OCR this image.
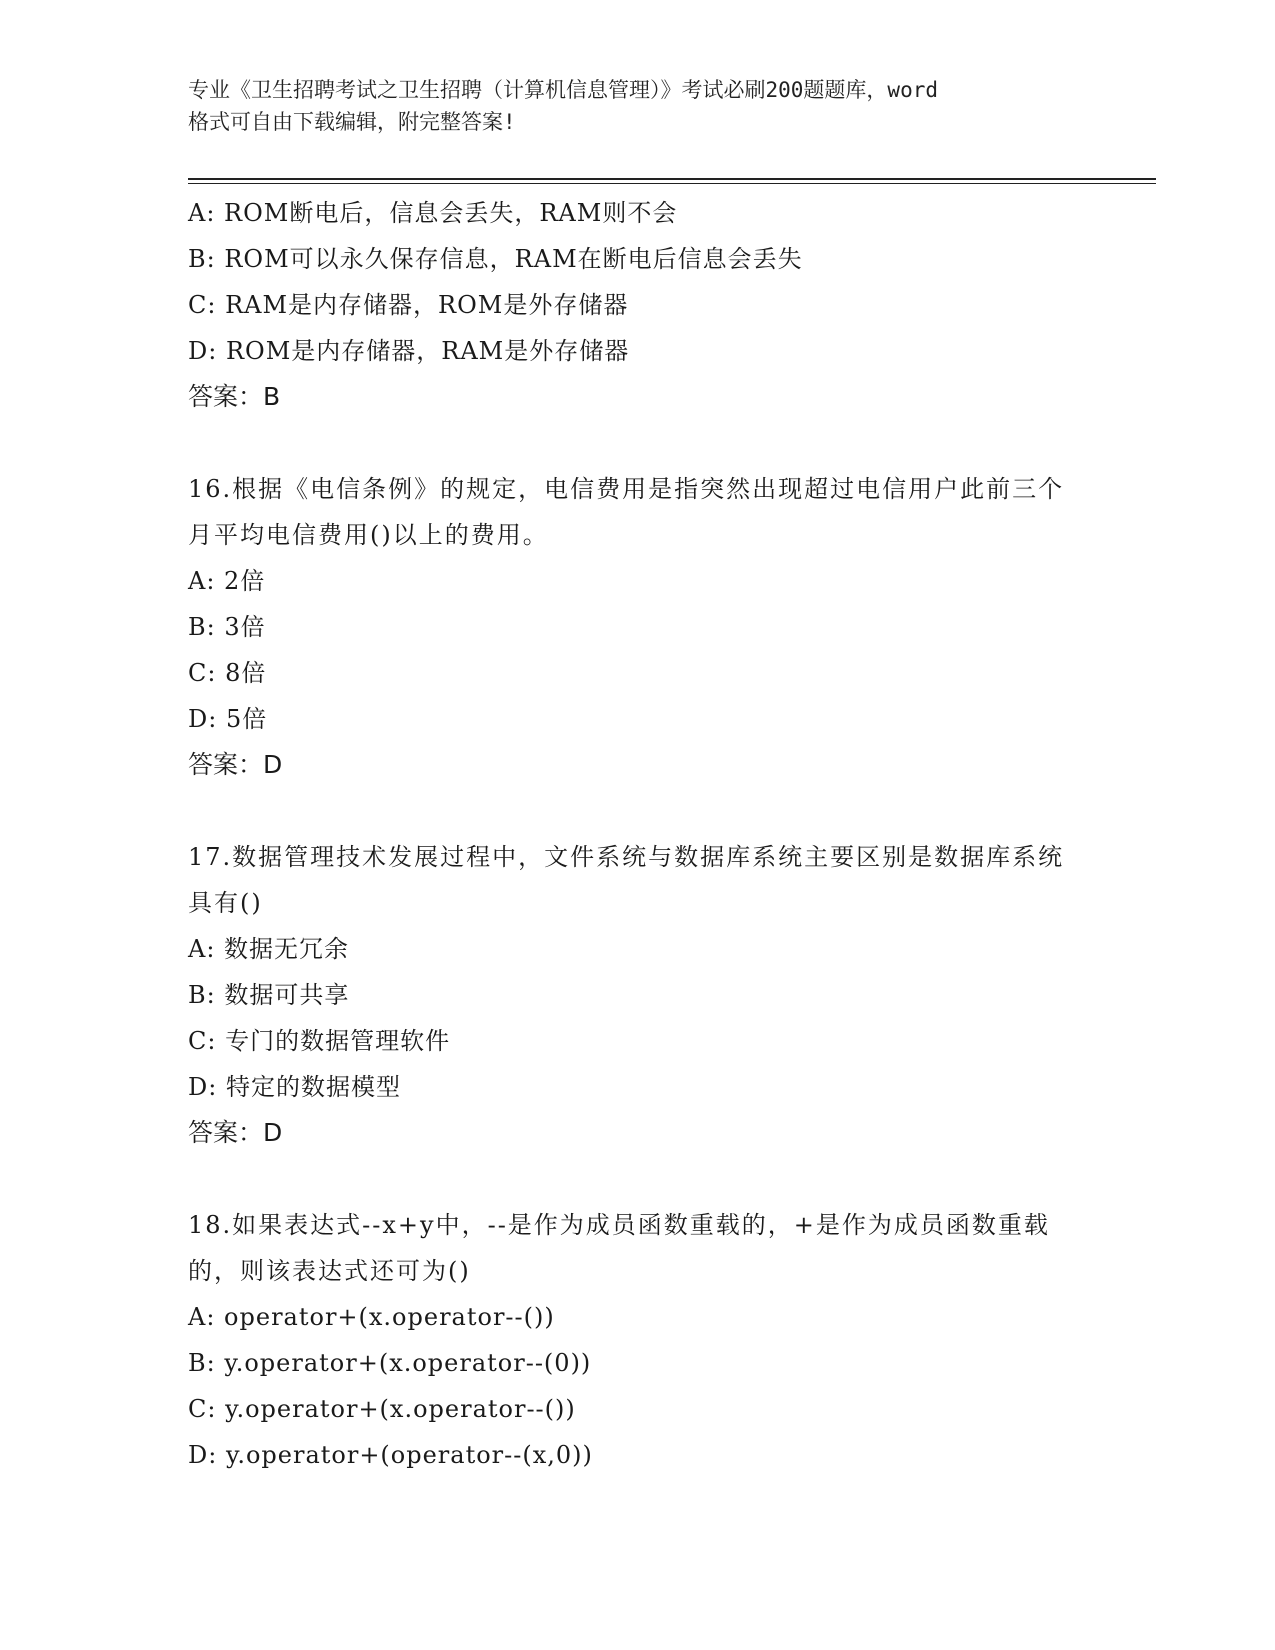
专业《卫生招聘考试之卫生招聘（计算机信息管理）》考试必刷200题题库，word
格式可自由下载编辑，附完整答案!
A: ROM断电后，信息会丢失，RAM则不会
B: ROM可以永久保存信息，RAM在断电后信息会丢失
C: RAM是内存储器，ROM是外存储器
D: ROM是内存储器，RAM是外存储器
答案：B
16.根据《电信条例》的规定，电信费用是指突然出现超过电信用户此前三个月平均电信费用()以上的费用。
A: 2倍
B: 3倍
C: 8倍
D: 5倍
答案：D
17.数据管理技术发展过程中，文件系统与数据库系统主要区别是数据库系统具有()
A: 数据无冗余
B: 数据可共享
C: 专门的数据管理软件
D: 特定的数据模型
答案：D
18.如果表达式--x+y中，--是作为成员函数重载的，+是作为成员函数重载的，则该表达式还可为()
A: operator+(x.operator--())
B: y.operator+(x.operator--(0))
C: y.operator+(x.operator--())
D: y.operator+(operator--(x,0))
